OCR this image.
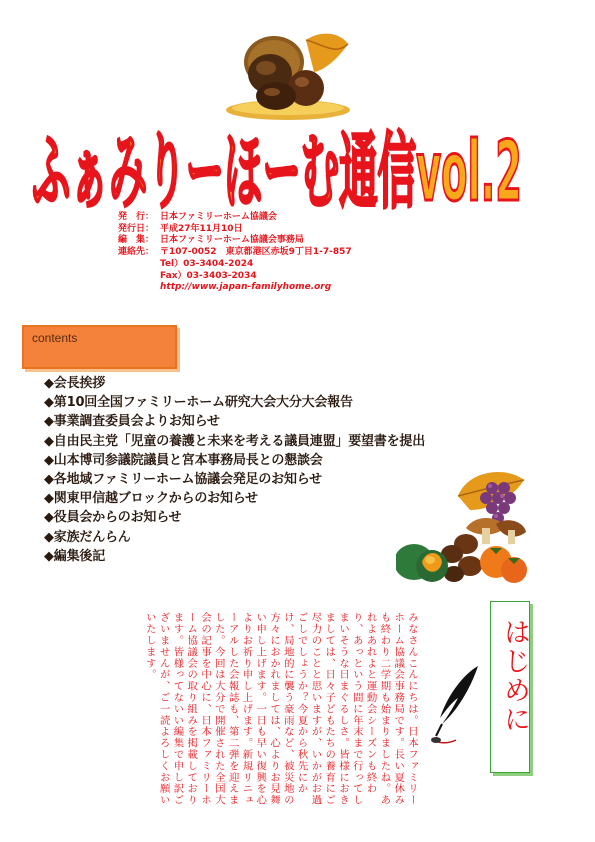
ふぁみりーほーむ通信vol.2
発　行： 日本ファミリーホーム協議会
発行日： 平成27年11月10日
編　集： 日本ファミリーホーム協議会事務局
連絡先： 〒107-0052　東京都港区赤坂9丁目1-7-857
Tel）03-3404-2024
Fax）03-3403-2034
http://www.japan-familyhome.org
contents
◆会長挨拶
◆第10回全国ファミリーホーム研究大会大分大会報告
◆事業調査委員会よりお知らせ
◆自由民主党「児童の養護と未来を考える議員連盟」要望書を提出
◆山本博司参議院議員と宮本事務局長との懇談会
◆各地域ファミリーホーム協議会発足のお知らせ
◆関東甲信越ブロックからのお知らせ
◆役員会からのお知らせ
◆家族だんらん
◆編集後記
みなさんこんにちは。日本ファミリーホーム協議会事務局です。長い夏休みも終わり二学期も始まりましたね。あれよあれよと運動会シーズンも終わり、あっという間に年末まで行ってしまいそうな日まぐるしさ。皆様におきましては、日々子どもたちの養育にご尽力のことと思いますが、いかがお過ごしでしょうか？今夏から秋先にかけ、局地的に襲う豪雨など、被災地の方々におかれましては、心よりお見舞い申し上げます。一日も早い復興を心よりお祈り申し上げます。新規リニューアルした会報誌も、第二弾を迎えました。今回は大分で開催された全国大会の記事を中心に、日本ファミリーホーム協議会の取り組みを掲載しております。皆様ってないい編集で申し訳ございませんが、ご一読よろしくお願いいたします。	はじめに
